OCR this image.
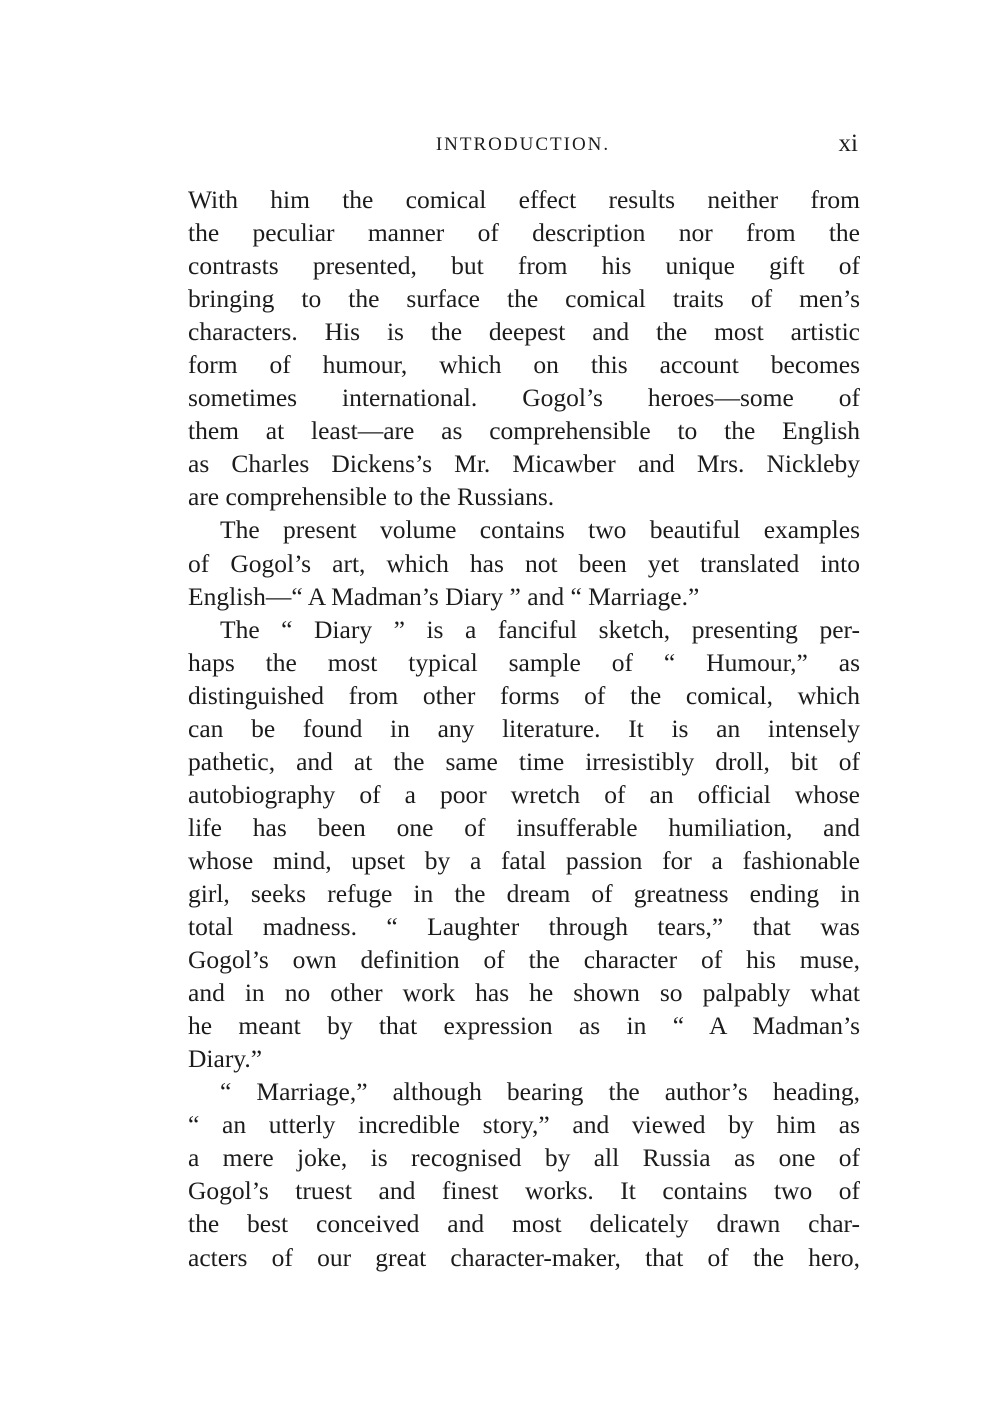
INTRODUCTION.	xi
With him the comical effect results neither from
the peculiar manner of description nor from the
contrasts presented, but from his unique gift of
bringing to the surface the comical traits of men’s
characters. His is the deepest and the most artistic
form of humour, which on this account becomes
sometimes international. Gogol’s heroes—some of
them at least—are as comprehensible to the English
as Charles Dickens’s Mr. Micawber and Mrs. Nickleby
are comprehensible to the Russians.
The present volume contains two beautiful examples
of Gogol’s art, which has not been yet translated into
English—“ A Madman’s Diary ” and “ Marriage.”
The “ Diary ” is a fanciful sketch, presenting per-
haps the most typical sample of “ Humour,” as
distinguished from other forms of the comical, which
can be found in any literature. It is an intensely
pathetic, and at the same time irresistibly droll, bit of
autobiography of a poor wretch of an official whose
life has been one of insufferable humiliation, and
whose mind, upset by a fatal passion for a fashionable
girl, seeks refuge in the dream of greatness ending in
total madness. “ Laughter through tears,” that was
Gogol’s own definition of the character of his muse,
and in no other work has he shown so palpably what
he meant by that expression as in “ A Madman’s
Diary.”
“ Marriage,” although bearing the author’s heading,
“ an utterly incredible story,” and viewed by him as
a mere joke, is recognised by all Russia as one of
Gogol’s truest and finest works. It contains two of
the best conceived and most delicately drawn char-
acters of our great character-maker, that of the hero,
